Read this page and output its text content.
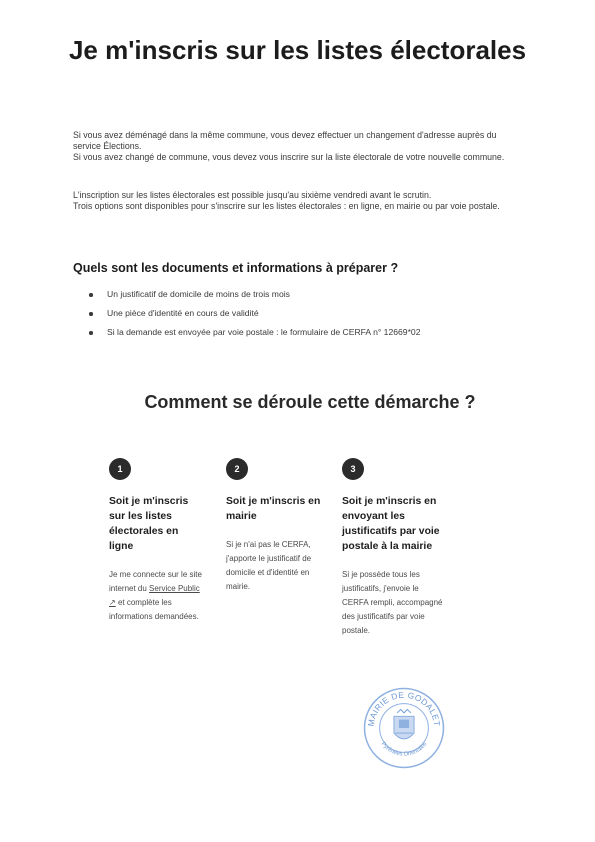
Je m'inscris sur les listes électorales

Si vous avez déménagé dans la même commune, vous devez effectuer un changement d'adresse auprès du service Élections.
Si vous avez changé de commune, vous devez vous inscrire sur la liste électorale de votre nouvelle commune.

L'inscription sur les listes électorales est possible jusqu'au sixième vendredi avant le scrutin.
Trois options sont disponibles pour s'inscrire sur les listes électorales : en ligne, en mairie ou par voie postale.

Quels sont les documents et informations à préparer ?
Un justificatif de domicile de moins de trois mois
Une pièce d'identité en cours de validité
Si la demande est envoyée par voie postale : le formulaire de CERFA n° 12669*02
Comment se déroule cette démarche ?
1
Soit je m'inscris sur les listes électorales en ligne
Je me connecte sur le site internet du Service Public ↗ et complète les informations demandées.
2
Soit je m'inscris en mairie
Si je n'ai pas le CERFA, j'apporte le justificatif de domicile et d'identité en mairie.
3
Soit je m'inscris en envoyant les justificatifs par voie postale à la mairie
Si je possède tous les justificatifs, j'envoie le CERFA rempli, accompagné des justificatifs par voie postale.
MAIRIE DE GODALET
Pyrénées Orientales
